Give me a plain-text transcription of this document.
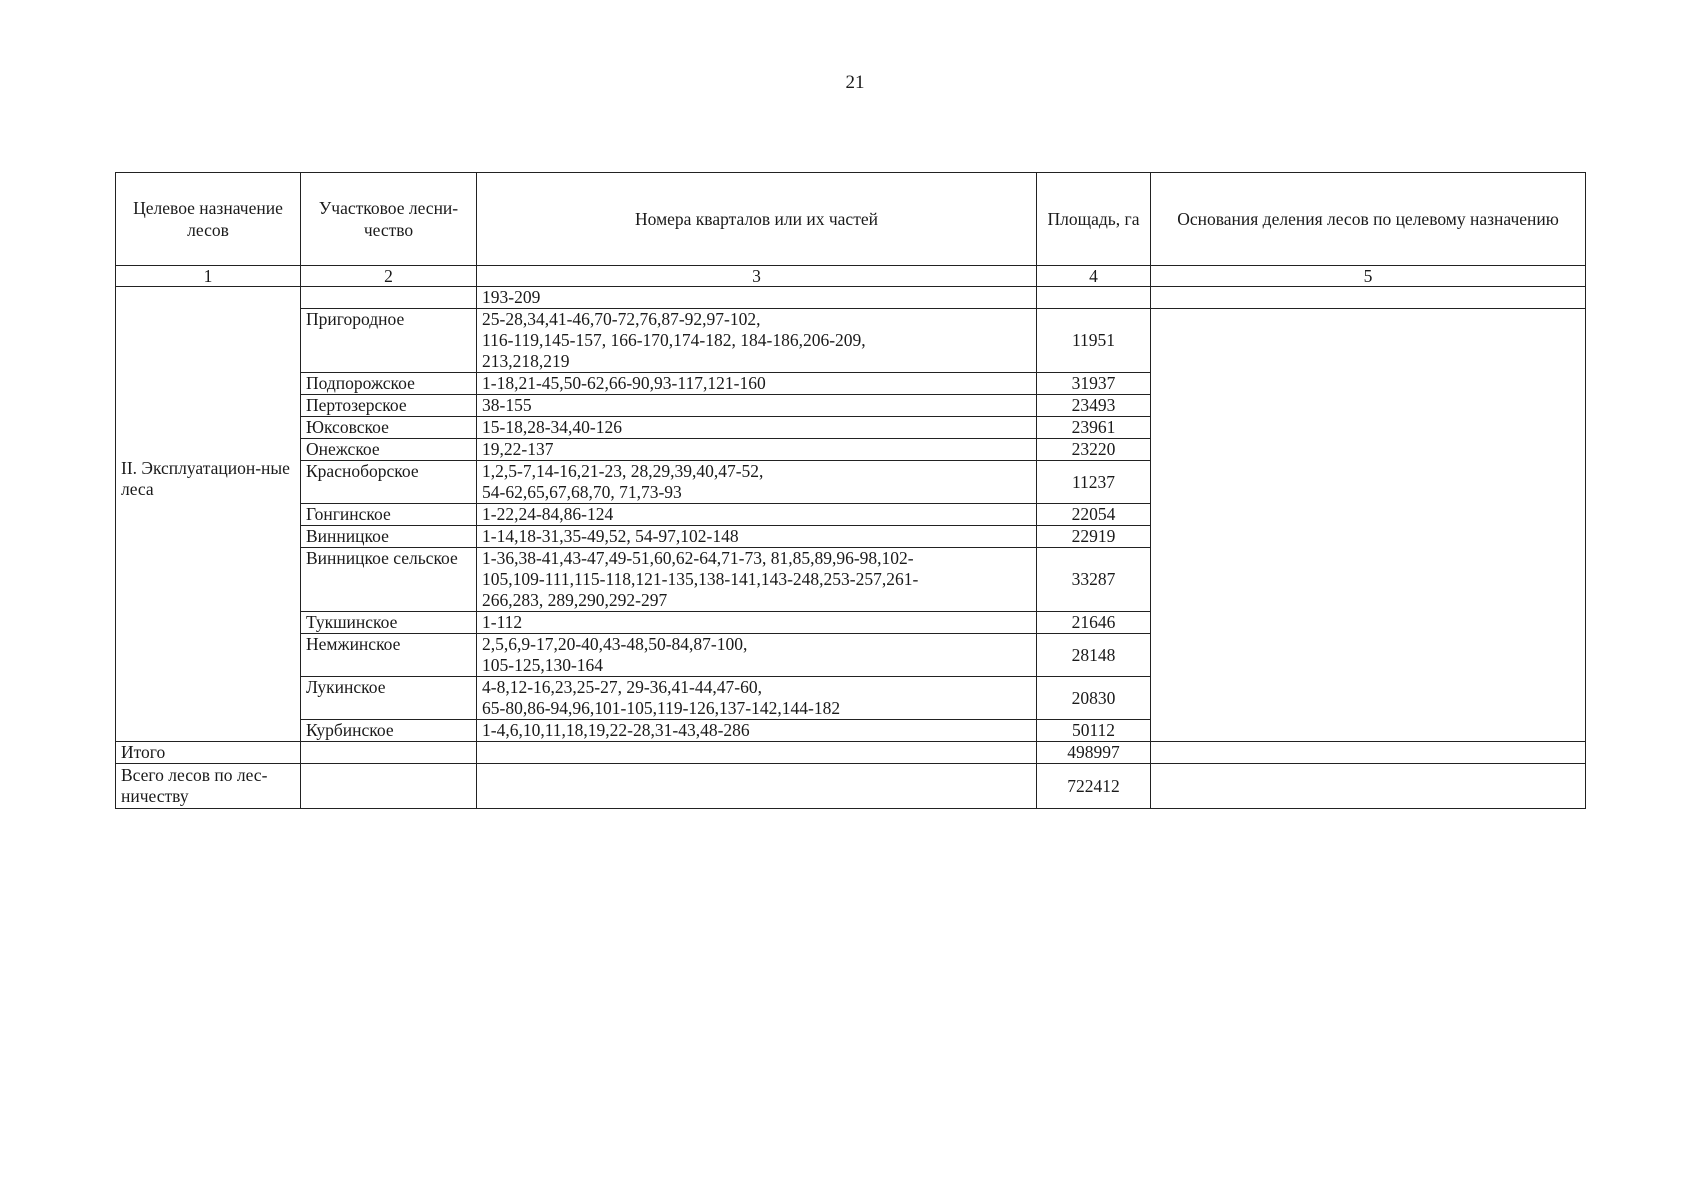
21
Целевое назначение лесов	Участковое лесни-чество	Номера кварталов или их частей	Площадь, га	Основания деления лесов по целевому назначению
1	2	3	4	5
		193-209		
II. Эксплуатацион-ные леса	Пригородное	25-28,34,41-46,70-72,76,87-92,97-102,
116-119,145-157, 166-170,174-182, 184-186,206-209,
213,218,219	11951	
	Подпорожское	1-18,21-45,50-62,66-90,93-117,121-160	31937	
	Пертозерское	38-155	23493	
	Юксовское	15-18,28-34,40-126	23961	
	Онежское	19,22-137	23220	
	Красноборское	1,2,5-7,14-16,21-23, 28,29,39,40,47-52,
54-62,65,67,68,70, 71,73-93	11237	
	Гонгинское	1-22,24-84,86-124	22054	
	Винницкое	1-14,18-31,35-49,52, 54-97,102-148	22919	
	Винницкое сельское	1-36,38-41,43-47,49-51,60,62-64,71-73, 81,85,89,96-98,102-
105,109-111,115-118,121-135,138-141,143-248,253-257,261-
266,283, 289,290,292-297	33287	
	Тукшинское	1-112	21646	
	Немжинское	2,5,6,9-17,20-40,43-48,50-84,87-100,
105-125,130-164	28148	
	Лукинское	4-8,12-16,23,25-27, 29-36,41-44,47-60,
65-80,86-94,96,101-105,119-126,137-142,144-182	20830	
	Курбинское	1-4,6,10,11,18,19,22-28,31-43,48-286	50112	
Итого			498997	
Всего лесов по лес-ничеству			722412	
